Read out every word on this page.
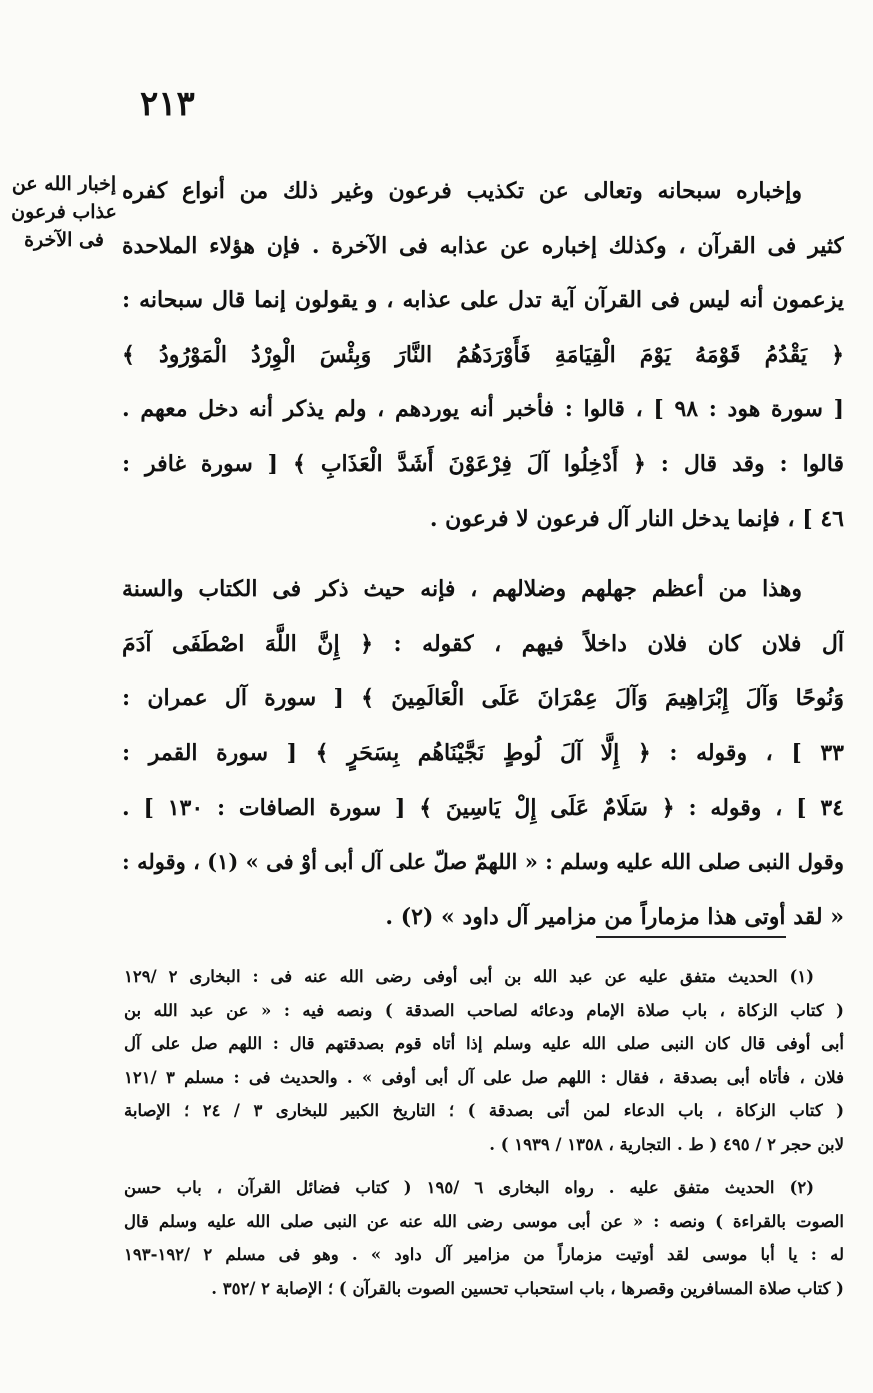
٢١٣
إخبار الله عن
عذاب فرعون
فى الآخرة
وإخباره سبحانه وتعالى عن تكذيب فرعون وغير ذلك من أنواع كفره
كثير فى القرآن ، وكذلك إخباره عن عذابه فى الآخرة . فإن هؤلاء الملاحدة
يزعمون أنه ليس فى القرآن آية تدل على عذابه ، و يقولون إنما قال سبحانه :
﴿ يَقْدُمُ قَوْمَهُ يَوْمَ الْقِيَامَةِ فَأَوْرَدَهُمُ النَّارَ وَبِئْسَ الْوِرْدُ الْمَوْرُودُ ﴾
[ سورة هود : ٩٨ ] ، قالوا : فأخبر أنه يوردهم ، ولم يذكر أنه دخل معهم .
قالوا : وقد قال : ﴿ أَدْخِلُوا آلَ فِرْعَوْنَ أَشَدَّ الْعَذَابِ ﴾ [ سورة غافر :
٤٦ ] ، فإنما يدخل النار آل فرعون لا فرعون .
وهذا من أعظم جهلهم وضلالهم ، فإنه حيث ذكر فى الكتاب والسنة
آل فلان كان فلان داخلاً فيهم ، كقوله : ﴿ إِنَّ اللَّهَ اصْطَفَى آدَمَ
وَنُوحًا وَآلَ إِبْرَاهِيمَ وَآلَ عِمْرَانَ عَلَى الْعَالَمِينَ ﴾ [ سورة آل عمران :
٣٣ ] ، وقوله : ﴿ إِلَّا آلَ لُوطٍ نَجَّيْنَاهُم بِسَحَرٍ ﴾ [ سورة القمر :
٣٤ ] ، وقوله : ﴿ سَلَامٌ عَلَى إِلْ يَاسِينَ ﴾ [ سورة الصافات : ١٣٠ ] .
وقول النبى صلى الله عليه وسلم : « اللهمّ صلّ على آل أبى أوْ فى » (١) ، وقوله :
« لقد أوتى هذا مزماراً من مزامير آل داود » (٢) .
(١) الحديث متفق عليه عن عبد الله بن أبى أوفى رضى الله عنه فى : البخارى ٢ /١٢٩
( كتاب الزكاة ، باب صلاة الإمام ودعائه لصاحب الصدقة ) ونصه فيه : « عن عبد الله بن
أبى أوفى قال كان النبى صلى الله عليه وسلم إذا أتاه قوم بصدقتهم قال : اللهم صل على آل
فلان ، فأتاه أبى بصدقة ، فقال : اللهم صل على آل أبى أوفى » . والحديث فى : مسلم ٣ /١٢١
( كتاب الزكاة ، باب الدعاء لمن أتى بصدقة ) ؛ التاريخ الكبير للبخارى ٣ / ٢٤ ؛ الإصابة
لابن حجر ٢ / ٤٩٥ ( ط . التجارية ، ١٣٥٨ / ١٩٣٩ ) .
(٢) الحديث متفق عليه . رواه البخارى ٦ /١٩٥ ( كتاب فضائل القرآن ، باب حسن
الصوت بالقراءة ) ونصه : « عن أبى موسى رضى الله عنه عن النبى صلى الله عليه وسلم قال
له : يا أبا موسى لقد أوتيت مزماراً من مزامير آل داود » . وهو فى مسلم ٢ /١٩٢-١٩٣
( كتاب صلاة المسافرين وقصرها ، باب استحباب تحسين الصوت بالقرآن ) ؛ الإصابة ٢ /٣٥٢ .
